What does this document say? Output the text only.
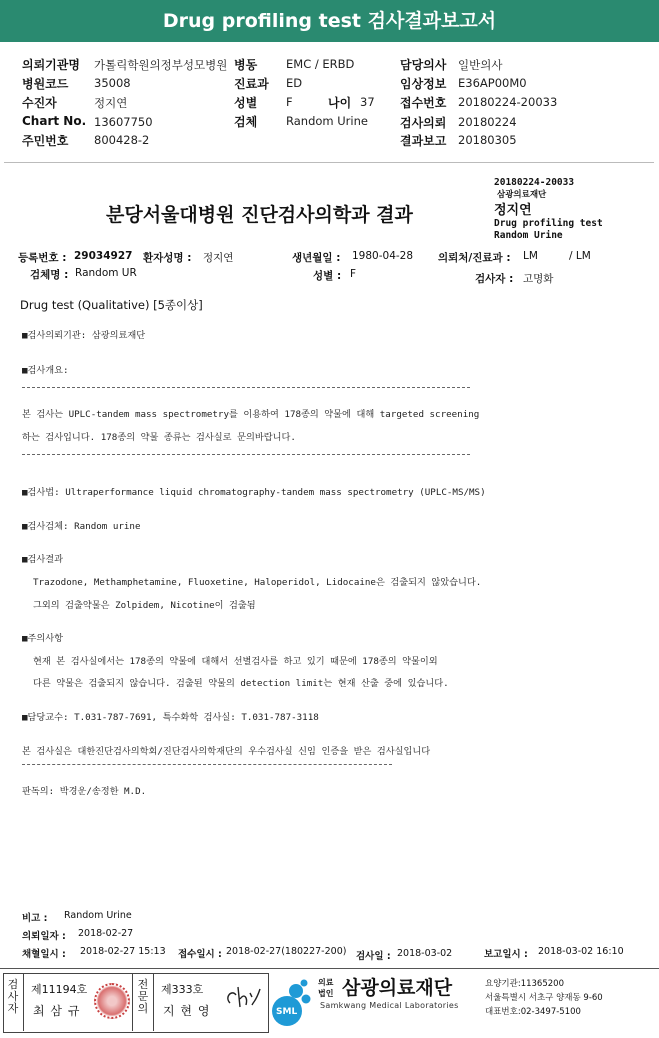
Drug profiling test 검사결과보고서
의뢰기관명 가톨릭학원의정부성모병원 병동	EMC / ERBD	담당의사 일반의사
병원코드 35008	진료과 ED	임상정보 E36AP00M0
수진자	정지연	성별	F	나이 37 접수번호 20180224-20033
Chart No. 13607750	검체	Random Urine	검사의뢰 20180224
주민번호 800428-2	결과보고 20180305
분당서울대병원 진단검사의학과 결과
20180224-20033
삼광의료재단
정지연
Drug profiling test
Random Urine
등록번호 : 29034927 환자성명 : 정지연	생년월일 : 1980-04-28 의뢰처/진료과 : LM	/ LM
검체명 : Random UR	성별 : F	검사자 : 고명화
Drug test (Qualitative) [5종이상]
■검사의뢰기관: 삼광의료재단
■검사개요:
본 검사는 UPLC-tandem mass spectrometry를 이용하여 178종의 약물에 대해 targeted screening
하는 검사입니다. 178종의 약물 종류는 검사실로 문의바랍니다.
■검사법: Ultraperformance liquid chromatography-tandem mass spectrometry (UPLC-MS/MS)
■검사검체: Random urine
■검사결과
Trazodone, Methamphetamine, Fluoxetine, Haloperidol, Lidocaine은 검출되지 않았습니다.
그외의 검출약물은 Zolpidem, Nicotine이 검출됨
■주의사항
현재 본 검사실에서는 178종의 약물에 대해서 선별검사를 하고 있기 때문에 178종의 약물이외
다른 약물은 검출되지 않습니다. 검출된 약물의 detection limit는 현재 산출 중에 있습니다.
■담당교수: T.031-787-7691, 특수화학 검사실: T.031-787-3118
본 검사실은 대한진단검사의학회/진단검사의학재단의 우수검사실 신임 인증을 받은 검사실입니다
판독의: 박경운/송정한 M.D.
비고 : Random Urine
의뢰일자 : 2018-02-27
채혈일시 : 2018-02-27 15:13 접수일시 : 2018-02-27(180227-200) 검사일 : 2018-03-02	보고일시 : 2018-03-02 16:10
검사자
제11194호
최 삼 규
전문의
제333호
지 현 영	SML
의료
법인 삼광의료재단
Samkwang Medical Laboratories
요양기관:11365200
서울특별시 서초구 양재동 9-60
대표번호:02-3497-5100
